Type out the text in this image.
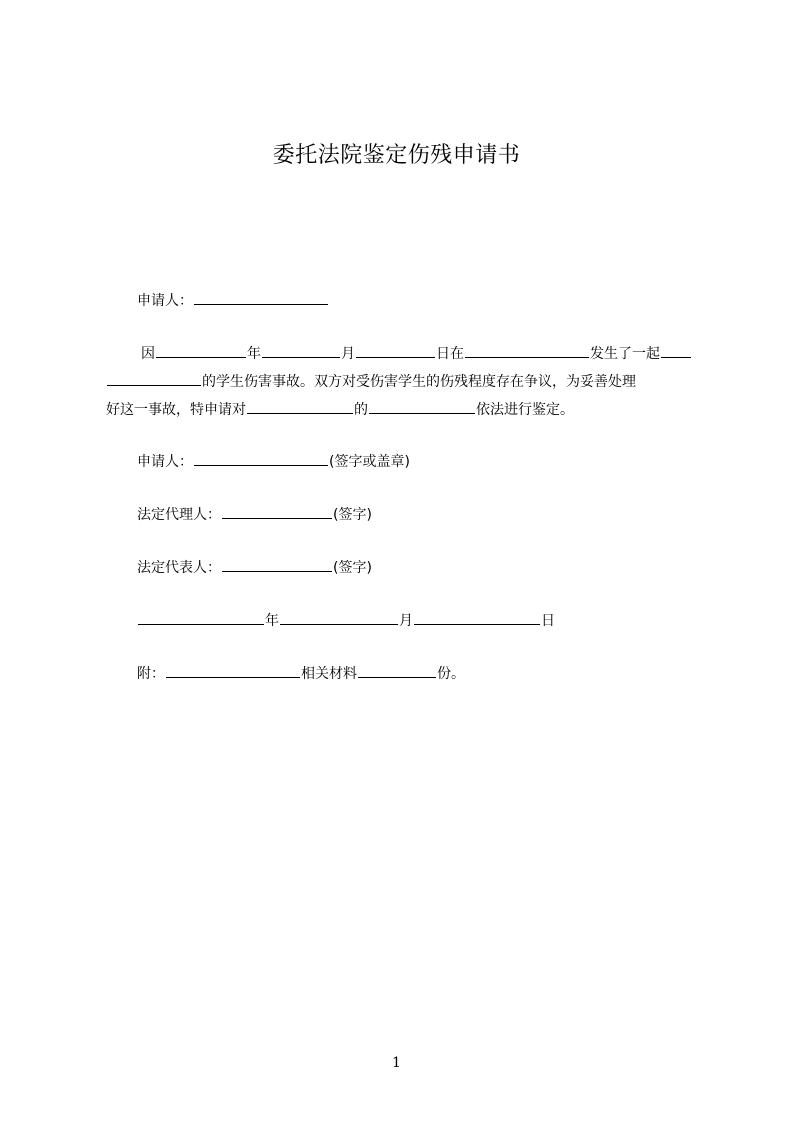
委托法院鉴定伤残申请书
申请人：
因	年	月	日在	发生了一起
的学生伤害事故。双方对受伤害学生的伤残程度存在争议，为妥善处理
好这一事故，特申请对	的	依法进行鉴定。
申请人：	(签字或盖章)
法定代理人：	(签字)
法定代表人：	(签字)
年	月	日
附：	相关材料	份。
1
